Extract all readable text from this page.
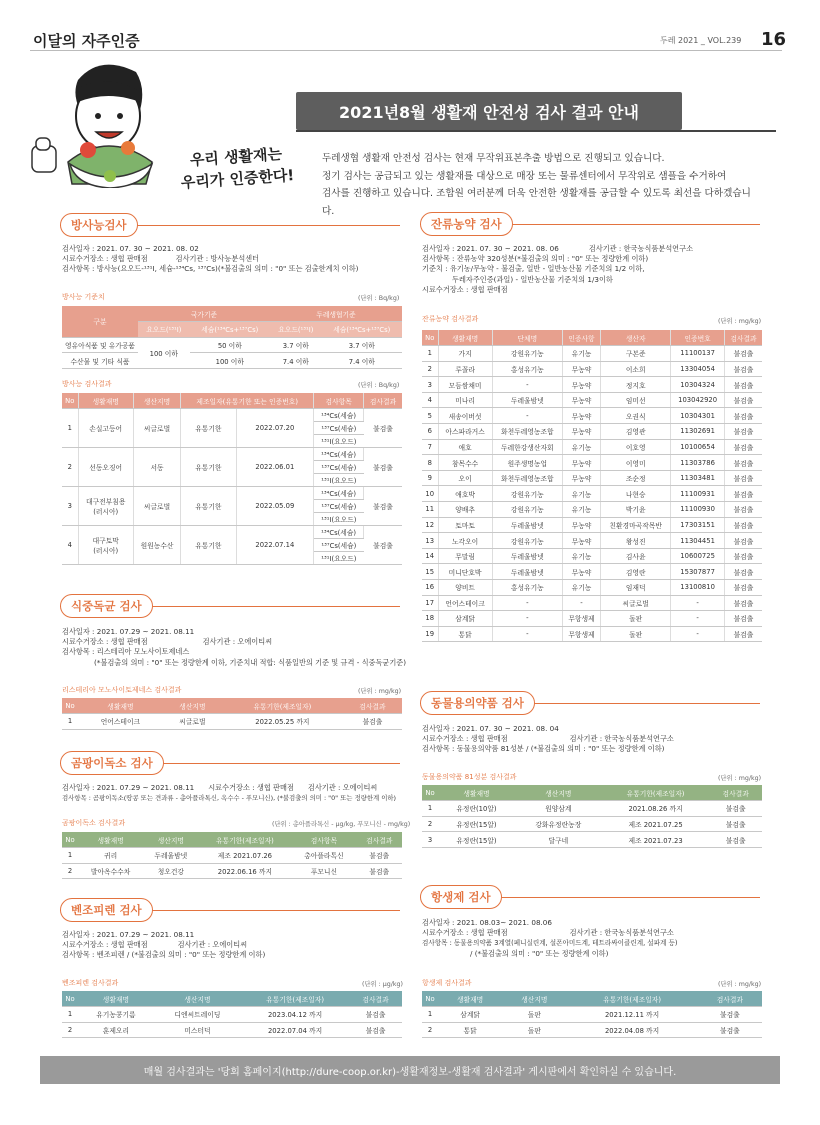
이달의 자주인증	두레 2021 _ VOL.239 16
우리 생활재는
우리가 인증한다!
2021년8월 생활재 안전성 검사 결과 안내
두레생협 생활재 안전성 검사는 현재 무작위표본추출 방법으로 진행되고 있습니다.
정기 검사는 공급되고 있는 생활재를 대상으로 매장 또는 물류센터에서 무작위로 샘플을 수거하여
검사를 진행하고 있습니다. 조합원 여러분께 더욱 안전한 생활재를 공급할 수 있도록 최선을 다하겠습니다.
방사능검사
검사일자 : 2021. 07. 30 ~ 2021. 08. 02
시료수거장소 : 생협 판매점	검사기관 : 방사능분석센터
검사항목 : 방사능(요오드-¹³¹I, 세슘-¹³⁴Cs, ¹³⁷Cs)(*불검출의 의미 : "0" 또는 검출한계치 이하)
방사능 기준치	(단위 : Bq/kg)
구분	국가기준		두레생협기준	
	요오드(¹³¹I)	세슘(¹³⁴Cs+¹³⁷Cs)	요오드(¹³¹I)	세슘(¹³⁴Cs+¹³⁷Cs)
영유아식품 및 유가공품	100 이하	50 이하	3.7 이하	3.7 이하
수산물 및 기타 식품		100 이하	7.4 이하	7.4 이하
방사능 검사결과	(단위 : Bq/kg)
No	생활재명	생산지명	제조일자(유통기한 또는 인증번호)		검사항목	검사결과
1	손실고등어	씨글로벌	유통기한	2022.07.20	¹³⁴Cs(세슘)	불검출
					¹³⁷Cs(세슘)	
					¹³¹I(요오드)	
2	선동오징어	서동	유통기한	2022.06.01	¹³⁴Cs(세슘)	불검출
					¹³⁷Cs(세슘)	
					¹³¹I(요오드)	
3	대구전부침용
(러시아)	씨글로벌	유통기한	2022.05.09	¹³⁴Cs(세슘)	불검출
					¹³⁷Cs(세슘)	
					¹³¹I(요오드)	
4	대구토막
(러시아)	원원농수산	유통기한	2022.07.14	¹³⁴Cs(세슘)	불검출
					¹³⁷Cs(세슘)	
					¹³¹I(요오드)	
식중독균 검사
검사일자 : 2021. 07.29 ~ 2021. 08.11
시료수거장소 : 생협 판매점	검사기관 : 오에이티씨
검사항목 : 리스테리아 모노사이토제네스
(*불검출의 의미 : "0" 또는 정량한계 이하, 기준치내 적합: 식품일반의 기준 및 규격 - 식중독균기준)
리스테리아 모노사이토제네스 검사결과	(단위 : mg/kg)
No	생활재명	생산지명	유통기한(제조일자)	검사결과
1	언어스테이크	씨글로벌	2022.05.25 까지	불검출
곰팡이독소 검사
검사일자 : 2021. 07.29 ~ 2021. 08.11 시료수거장소 : 생협 판매점 검사기관 : 오에이티씨
검사항목 : 곰팡이독소(땅콩 또는 견과류 - 총아플라톡신, 옥수수 - 푸모니신), (*불검출의 의미 : "0" 또는 정량한계 이하)
곰팡이독소 검사결과	(단위 : 총아플라톡신 - μg/kg, 푸모니신 - mg/kg)
No	생활재명	생산지명	유통기한(제조일자)	검사항목	검사결과
1	귀리	두레울밤넷	제조 2021.07.26	총아플라톡신	불검출
2	발아옥수수차	청오건강	2022.06.16 까지	푸모니신	불검출
벤조피렌 검사
검사일자 : 2021. 07.29 ~ 2021. 08.11
시료수거장소 : 생협 판매점	검사기관 : 오에이티씨
검사항목 : 벤조피렌 / (*불검출의 의미 : "0" 또는 정량한계 이하)
벤조피렌 검사결과	(단위 : μg/kg)
No	생활재명	생산지명	유통기한(제조일자)	검사결과
1	유기농콩기름	디엔씨트레이딩	2023.04.12 까지	불검출
2	훈제오리	미스터덕	2022.07.04 까지	불검출
잔류농약 검사
검사일자 : 2021. 07. 30 ~ 2021. 08. 06	검사기관 : 한국농식품분석연구소
검사항목 : 잔류농약 320성분(*불검출의 의미 : "0" 또는 정량한계 이하)
기준치 : 유기농/무농약 - 불검출, 일반 - 일반농산물 기준치의 1/2 이하,
두레자주인증(과일) - 일반농산물 기준치의 1/3이하
시료수거장소 : 생협 판매점
잔류농약 검사결과	(단위 : mg/kg)
No	생활재명	단체명	인증사항	생산자	인증번호	검사결과
1	가지	강원유기농	유기농	구본준	11100137	불검출
2	루꼴라	홍성유기농	무농약	이소희	13304054	불검출
3	모듬쌈채미	-	무농약	정지호	10304324	불검출
4	미나리	두레울밤넷	무농약	임미선	103042920	불검출
5	새송이버섯	-	무농약	오권식	10304301	불검출
6	아스파라거스	화천두레영농조합	무농약	김영관	11302691	불검출
7	애호	두레한강생산자회	유기농	이호영	10100654	불검출
8	참목수수	원주생명농업	무농약	이영미	11303786	불검출
9	오이	화천두레영농조합	무농약	조순정	11303481	불검출
10	애호박	강원유기농	유기농	나현승	11100931	불검출
11	양배추	강원유기농	유기농	박기윤	11100930	불검출
12	토마토	두레울밤넷	무농약	친환경마곡작목반	17303151	불검출
13	노각오이	강원유기농	무농약	왕성진	11304451	불검출
14	무말림	두레울밤넷	유기농	김사윤	10600725	불검출
15	미니단호박	두레울밤넷	무농약	김영란	15307877	불검출
16	양비트	홍성유기농	유기농	임재덕	13100810	불검출
17	언어스테이크	-	-	씨글로벌	-	불검출
18	삼계닭	-	무항생제	돌판	-	불검출
19	통닭	-	무항생제	돌판	-	불검출
동물용의약품 검사
검사일자 : 2021. 07. 30 ~ 2021. 08. 04
시료수거장소 : 생협 판매점	검사기관 : 한국농식품분석연구소
검사항목 : 동물용의약품 81성분 / (*불검출의 의미 : "0" 또는 정량한계 이하)
동물용의약품 81성분 검사결과	(단위 : mg/kg)
No	생활재명	생산지명	유통기한(제조일자)	검사결과
1	유정란(10알)	원양삼계	2021.08.26 까지	불검출
2	유정란(15알)	강화유정란농장	제조 2021.07.25	불검출
3	유정란(15알)	달구네	제조 2021.07.23	불검출
항생제 검사
검사일자 : 2021. 08.03~ 2021. 08.06
시료수거장소 : 생협 판매점	검사기관 : 한국농식품분석연구소
검사항목 : 동물용의약품 3계열(페니실린계, 설폰아미드계, 테트라싸이클린계, 설파계 등)
/ (*불검출의 의미 : "0" 또는 정량한계 이하)
항생제 검사결과	(단위 : mg/kg)
No	생활재명	생산지명	유통기한(제조일자)	검사결과
1	삼계닭	돌판	2021.12.11 까지	불검출
2	통닭	돌판	2022.04.08 까지	불검출
매월 검사결과는 '당회 홈페이지(http://dure-coop.or.kr)-생활재정보-생활재 검사결과' 게시판에서 확인하실 수 있습니다.
